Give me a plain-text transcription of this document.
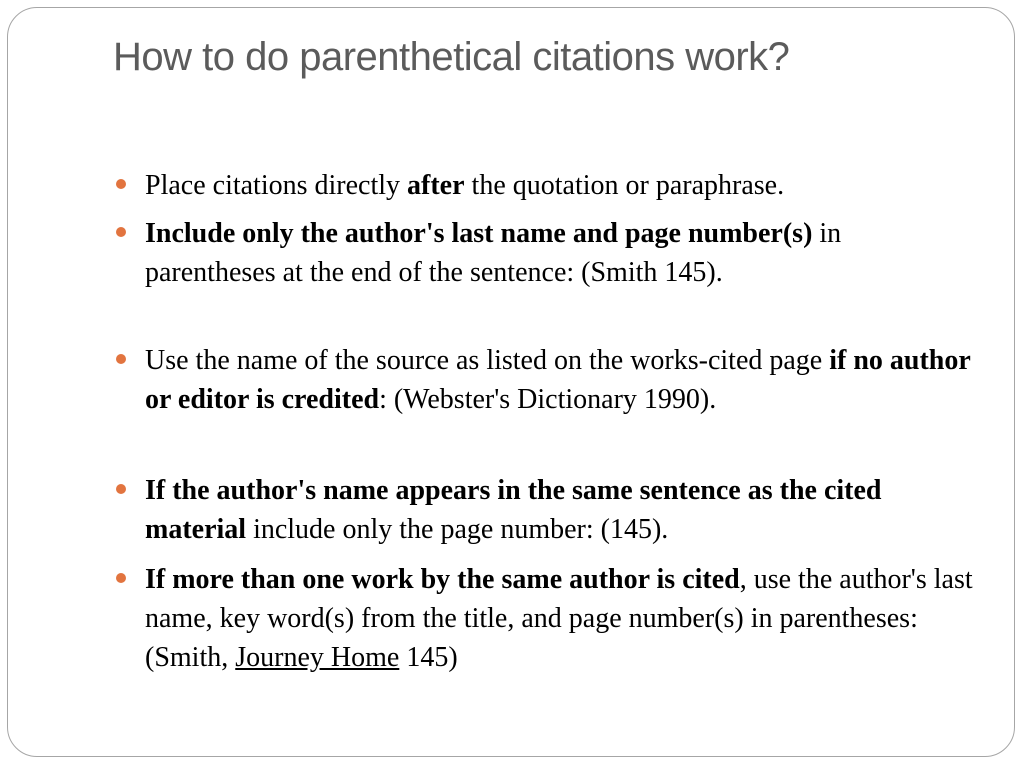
How to do parenthetical citations work?
Place citations directly after the quotation or paraphrase.
Include only the author's last name and page number(s) in parentheses at the end of the sentence: (Smith 145).
Use the name of the source as listed on the works-cited page if no author or editor is credited: (Webster's Dictionary 1990).
If the author's name appears in the same sentence as the cited material include only the page number: (145).
If more than one work by the same author is cited, use the author's last name, key word(s) from the title, and page number(s) in parentheses: (Smith, Journey Home 145)
